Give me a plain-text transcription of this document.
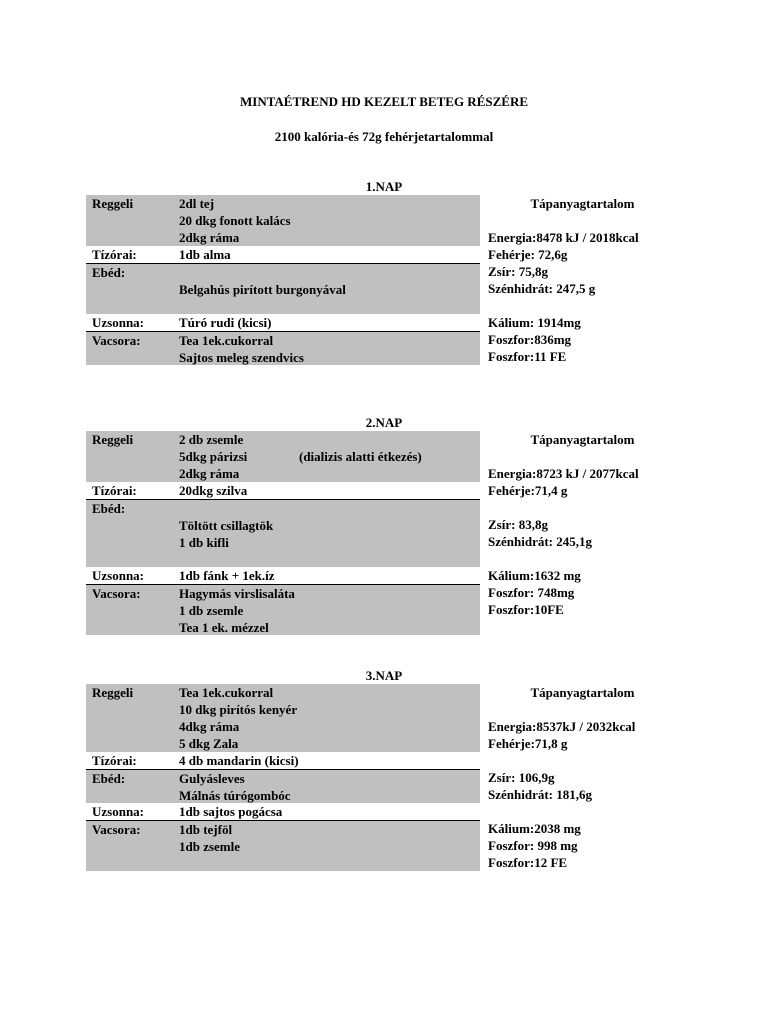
MINTAÉTREND HD KEZELT BETEG RÉSZÉRE
2100 kalória-és 72g fehérjetartalommal
1.NAP
Reggeli	2dl tej
20 dkg fonott kalács
2dkg ráma
Tízórai:	1db alma
Ebéd:
Belgahús pirított burgonyával
Uzsonna:	Túró rudi (kicsi)
Vacsora:	Tea 1ek.cukorral
Sajtos meleg szendvics
Tápanyagtartalom
Energia:8478 kJ / 2018kcal
Fehérje: 72,6g
Zsír: 75,8g
Szénhidrát: 247,5 g
Kálium: 1914mg
Foszfor:836mg
Foszfor:11 FE
2.NAP
Reggeli	2 db zsemle
5dkg párizsi	(dializis alatti étkezés)
2dkg ráma
Tízórai:	20dkg szilva
Ebéd:
Töltött csillagtök
1 db kifli
Uzsonna:	1db fánk + 1ek.íz
Vacsora:	Hagymás virslisaláta
1 db zsemle
Tea 1 ek. mézzel
Tápanyagtartalom
Energia:8723 kJ / 2077kcal
Fehérje:71,4 g
Zsír: 83,8g
Szénhidrát: 245,1g
Kálium:1632 mg
Foszfor: 748mg
Foszfor:10FE
3.NAP
Reggeli	Tea 1ek.cukorral
10 dkg pirítós kenyér
4dkg ráma
5 dkg Zala
Tízórai:	4 db mandarin (kicsi)
Ebéd:	Gulyásleves
Málnás túrógombóc
Uzsonna:	1db sajtos pogácsa
Vacsora:	1db tejföl
1db zsemle
Tápanyagtartalom
Energia:8537kJ / 2032kcal
Fehérje:71,8 g
Zsír: 106,9g
Szénhidrát: 181,6g
Kálium:2038 mg
Foszfor: 998 mg
Foszfor:12 FE
